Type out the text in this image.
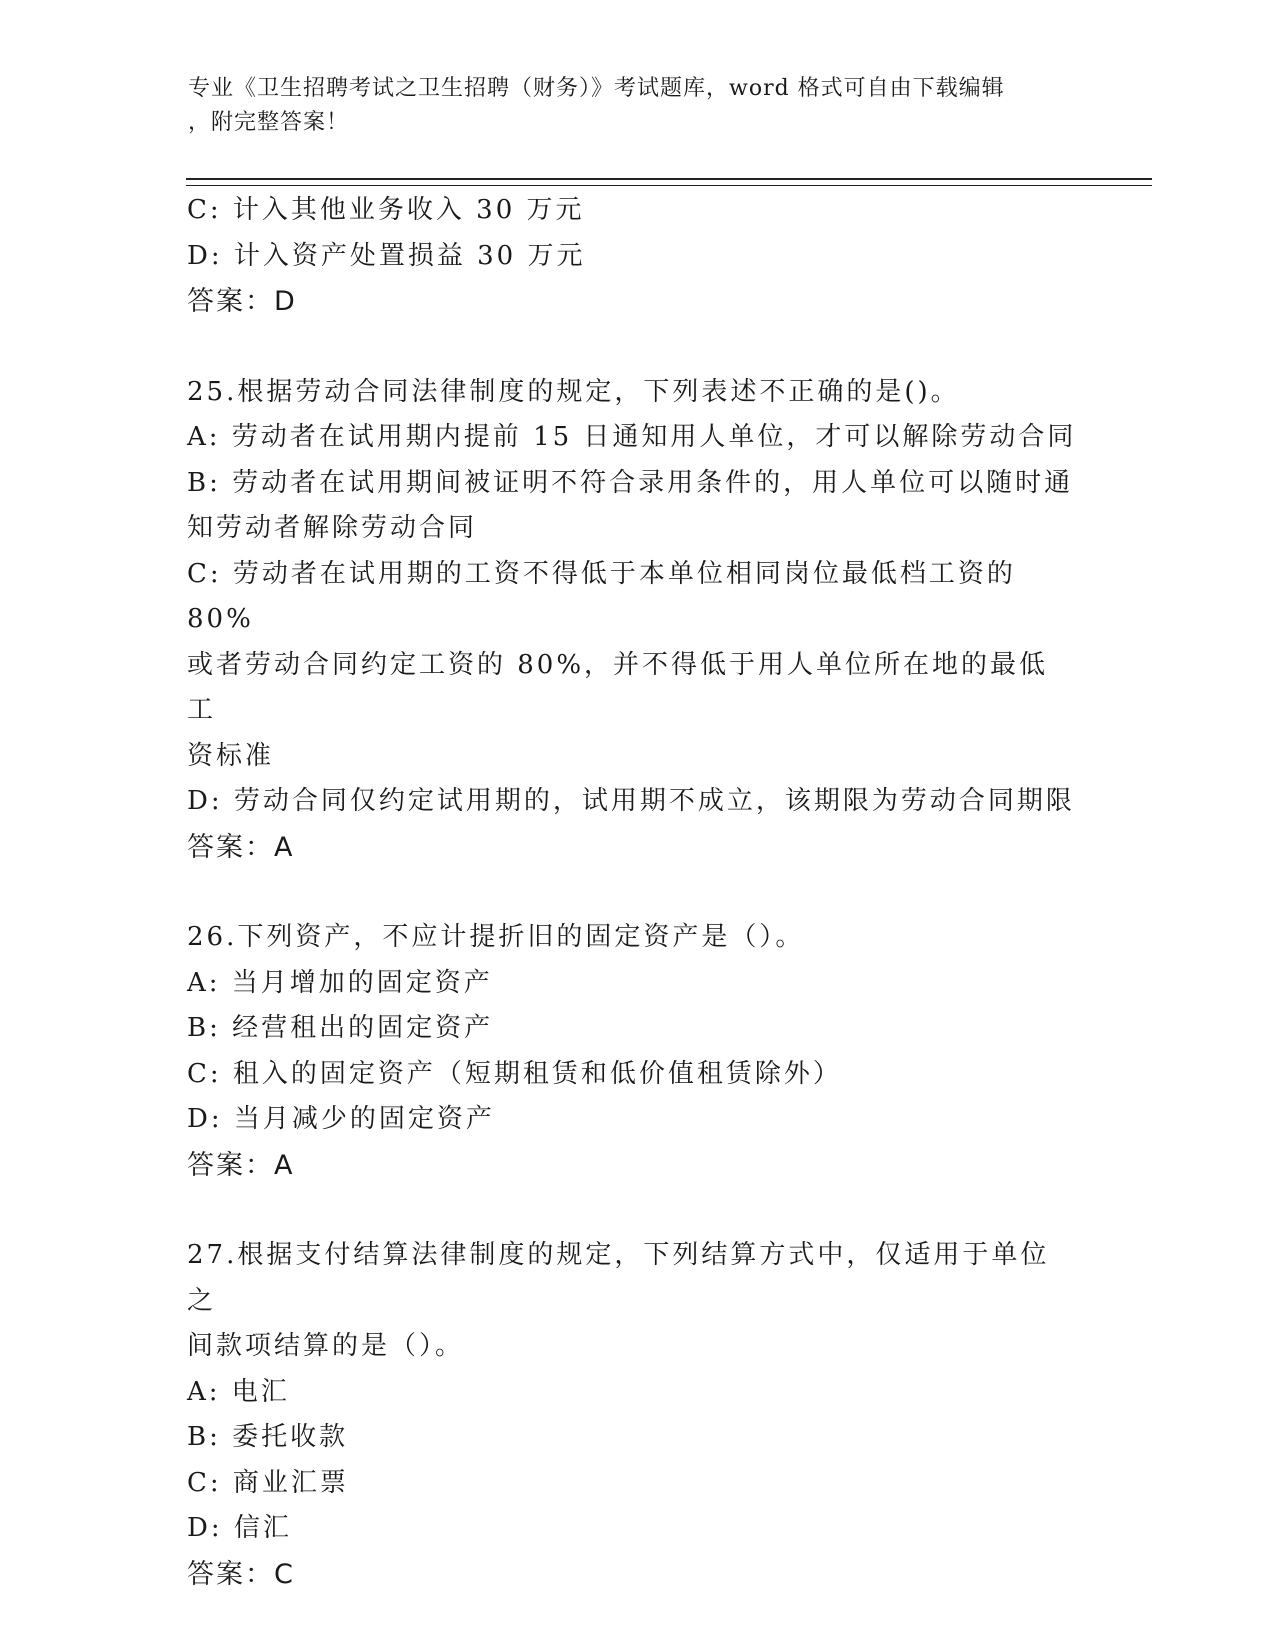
专业《卫生招聘考试之卫生招聘（财务）》考试题库，word 格式可自由下载编辑
，附完整答案！
C: 计入其他业务收入 30 万元
D: 计入资产处置损益 30 万元
答案：D
25.根据劳动合同法律制度的规定，下列表述不正确的是()。
A: 劳动者在试用期内提前 15 日通知用人单位，才可以解除劳动合同
B: 劳动者在试用期间被证明不符合录用条件的，用人单位可以随时通
知劳动者解除劳动合同
C: 劳动者在试用期的工资不得低于本单位相同岗位最低档工资的 80%
或者劳动合同约定工资的 80%，并不得低于用人单位所在地的最低工
资标准
D: 劳动合同仅约定试用期的，试用期不成立，该期限为劳动合同期限
答案：A
26.下列资产，不应计提折旧的固定资产是（）。
A: 当月增加的固定资产
B: 经营租出的固定资产
C: 租入的固定资产（短期租赁和低价值租赁除外）
D: 当月减少的固定资产
答案：A
27.根据支付结算法律制度的规定，下列结算方式中，仅适用于单位之
间款项结算的是（）。
A: 电汇
B: 委托收款
C: 商业汇票
D: 信汇
答案：C
